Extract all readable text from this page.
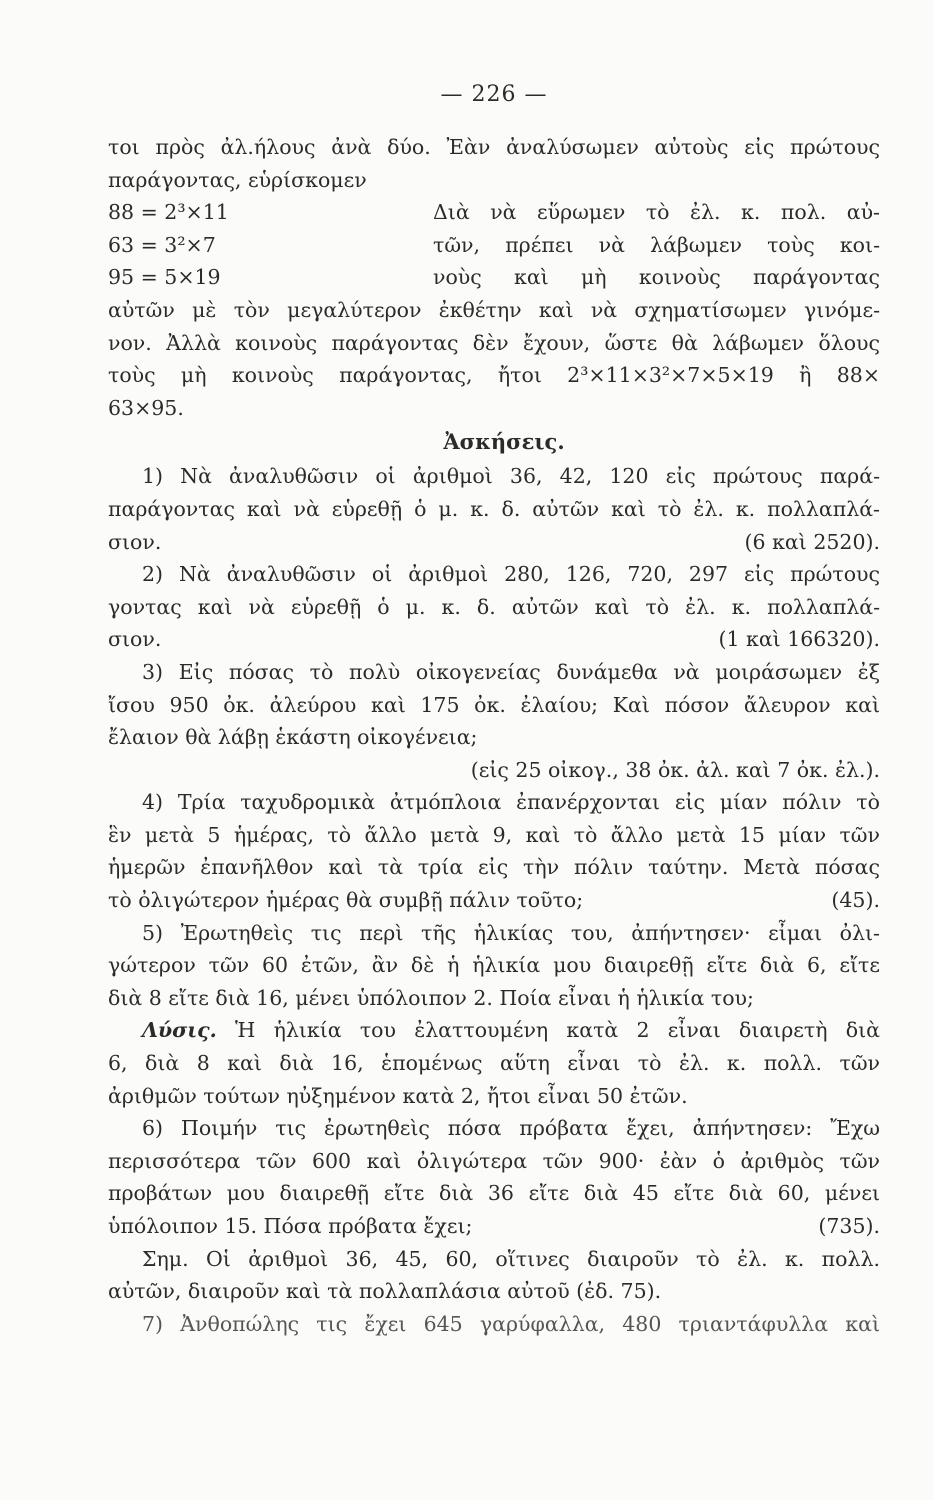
— 226 —
τοι πρὸς ἀλ.ήλους ἀνὰ δύο. Ἐὰν ἀναλύσωμεν αὐτοὺς εἰς πρώτους
παράγοντας, εὑρίσκομεν
88 = 2³×11	Διὰ νὰ εὕρωμεν τὸ ἐλ. κ. πολ. αὐ-
63 = 3²×7	τῶν, πρέπει νὰ λάβωμεν τοὺς κοι-
95 = 5×19	νοὺς καὶ μὴ κοινοὺς παράγοντας
αὐτῶν μὲ τὸν μεγαλύτερον ἐκθέτην καὶ νὰ σχηματίσωμεν γινόμε-
νον. Ἀλλὰ κοινοὺς παράγοντας δὲν ἔχουν, ὥστε θὰ λάβωμεν ὅλους
τοὺς μὴ κοινοὺς παράγοντας, ἤτοι 2³×11×3²×7×5×19 ἢ 88×
63×95.
Ἀσκήσεις.
1) Νὰ ἀναλυθῶσιν οἱ ἀριθμοὶ 36, 42, 120 εἰς πρώτους παρά-
παράγοντας καὶ νὰ εὑρεθῇ ὁ μ. κ. δ. αὐτῶν καὶ τὸ ἐλ. κ. πολλαπλά-
σιον.	(6 καὶ 2520).
2) Νὰ ἀναλυθῶσιν οἱ ἀριθμοὶ 280, 126, 720, 297 εἰς πρώτους
γοντας καὶ νὰ εὑρεθῇ ὁ μ. κ. δ. αὐτῶν καὶ τὸ ἐλ. κ. πολλαπλά-
σιον.	(1 καὶ 166320).
3) Εἰς πόσας τὸ πολὺ οἰκογενείας δυνάμεθα νὰ μοιράσωμεν ἐξ
ἴσου 950 ὀκ. ἀλεύρου καὶ 175 ὀκ. ἐλαίου; Καὶ πόσον ἄλευρον καὶ
ἔλαιον θὰ λάβῃ ἑκάστη οἰκογένεια;
(εἰς 25 οἰκογ., 38 ὀκ. ἀλ. καὶ 7 ὀκ. ἐλ.).
4) Τρία ταχυδρομικὰ ἀτμόπλοια ἐπανέρχονται εἰς μίαν πόλιν τὸ
ἓν μετὰ 5 ἡμέρας, τὸ ἄλλο μετὰ 9, καὶ τὸ ἄλλο μετὰ 15 μίαν τῶν
ἡμερῶν ἐπανῆλθον καὶ τὰ τρία εἰς τὴν πόλιν ταύτην. Μετὰ πόσας
τὸ ὀλιγώτερον ἡμέρας θὰ συμβῇ πάλιν τοῦτο;	(45).
5) Ἐρωτηθεὶς τις περὶ τῆς ἡλικίας του, ἀπήντησεν· εἶμαι ὀλι-
γώτερον τῶν 60 ἐτῶν, ἂν δὲ ἡ ἡλικία μου διαιρεθῇ εἴτε διὰ 6, εἴτε
διὰ 8 εἴτε διὰ 16, μένει ὑπόλοιπον 2. Ποία εἶναι ἡ ἡλικία του;
Λύσις. Ἡ ἡλικία του ἐλαττουμένη κατὰ 2 εἶναι διαιρετὴ διὰ
6, διὰ 8 καὶ διὰ 16, ἑπομένως αὕτη εἶναι τὸ ἐλ. κ. πολλ. τῶν
ἀριθμῶν τούτων ηὐξημένον κατὰ 2, ἤτοι εἶναι 50 ἐτῶν.
6) Ποιμήν τις ἐρωτηθεὶς πόσα πρόβατα ἔχει, ἀπήντησεν: Ἔχω
περισσότερα τῶν 600 καὶ ὀλιγώτερα τῶν 900· ἐὰν ὁ ἀριθμὸς τῶν
προβάτων μου διαιρεθῇ εἴτε διὰ 36 εἴτε διὰ 45 εἴτε διὰ 60, μένει
ὑπόλοιπον 15. Πόσα πρόβατα ἔχει;	(735).
Σημ. Οἱ ἀριθμοὶ 36, 45, 60, οἵτινες διαιροῦν τὸ ἐλ. κ. πολλ.
αὐτῶν, διαιροῦν καὶ τὰ πολλαπλάσια αὐτοῦ (ἐδ. 75).
7) Ἀνθοπώλης τις ἔχει 645 γαρύφαλλα, 480 τριαντάφυλλα καὶ
